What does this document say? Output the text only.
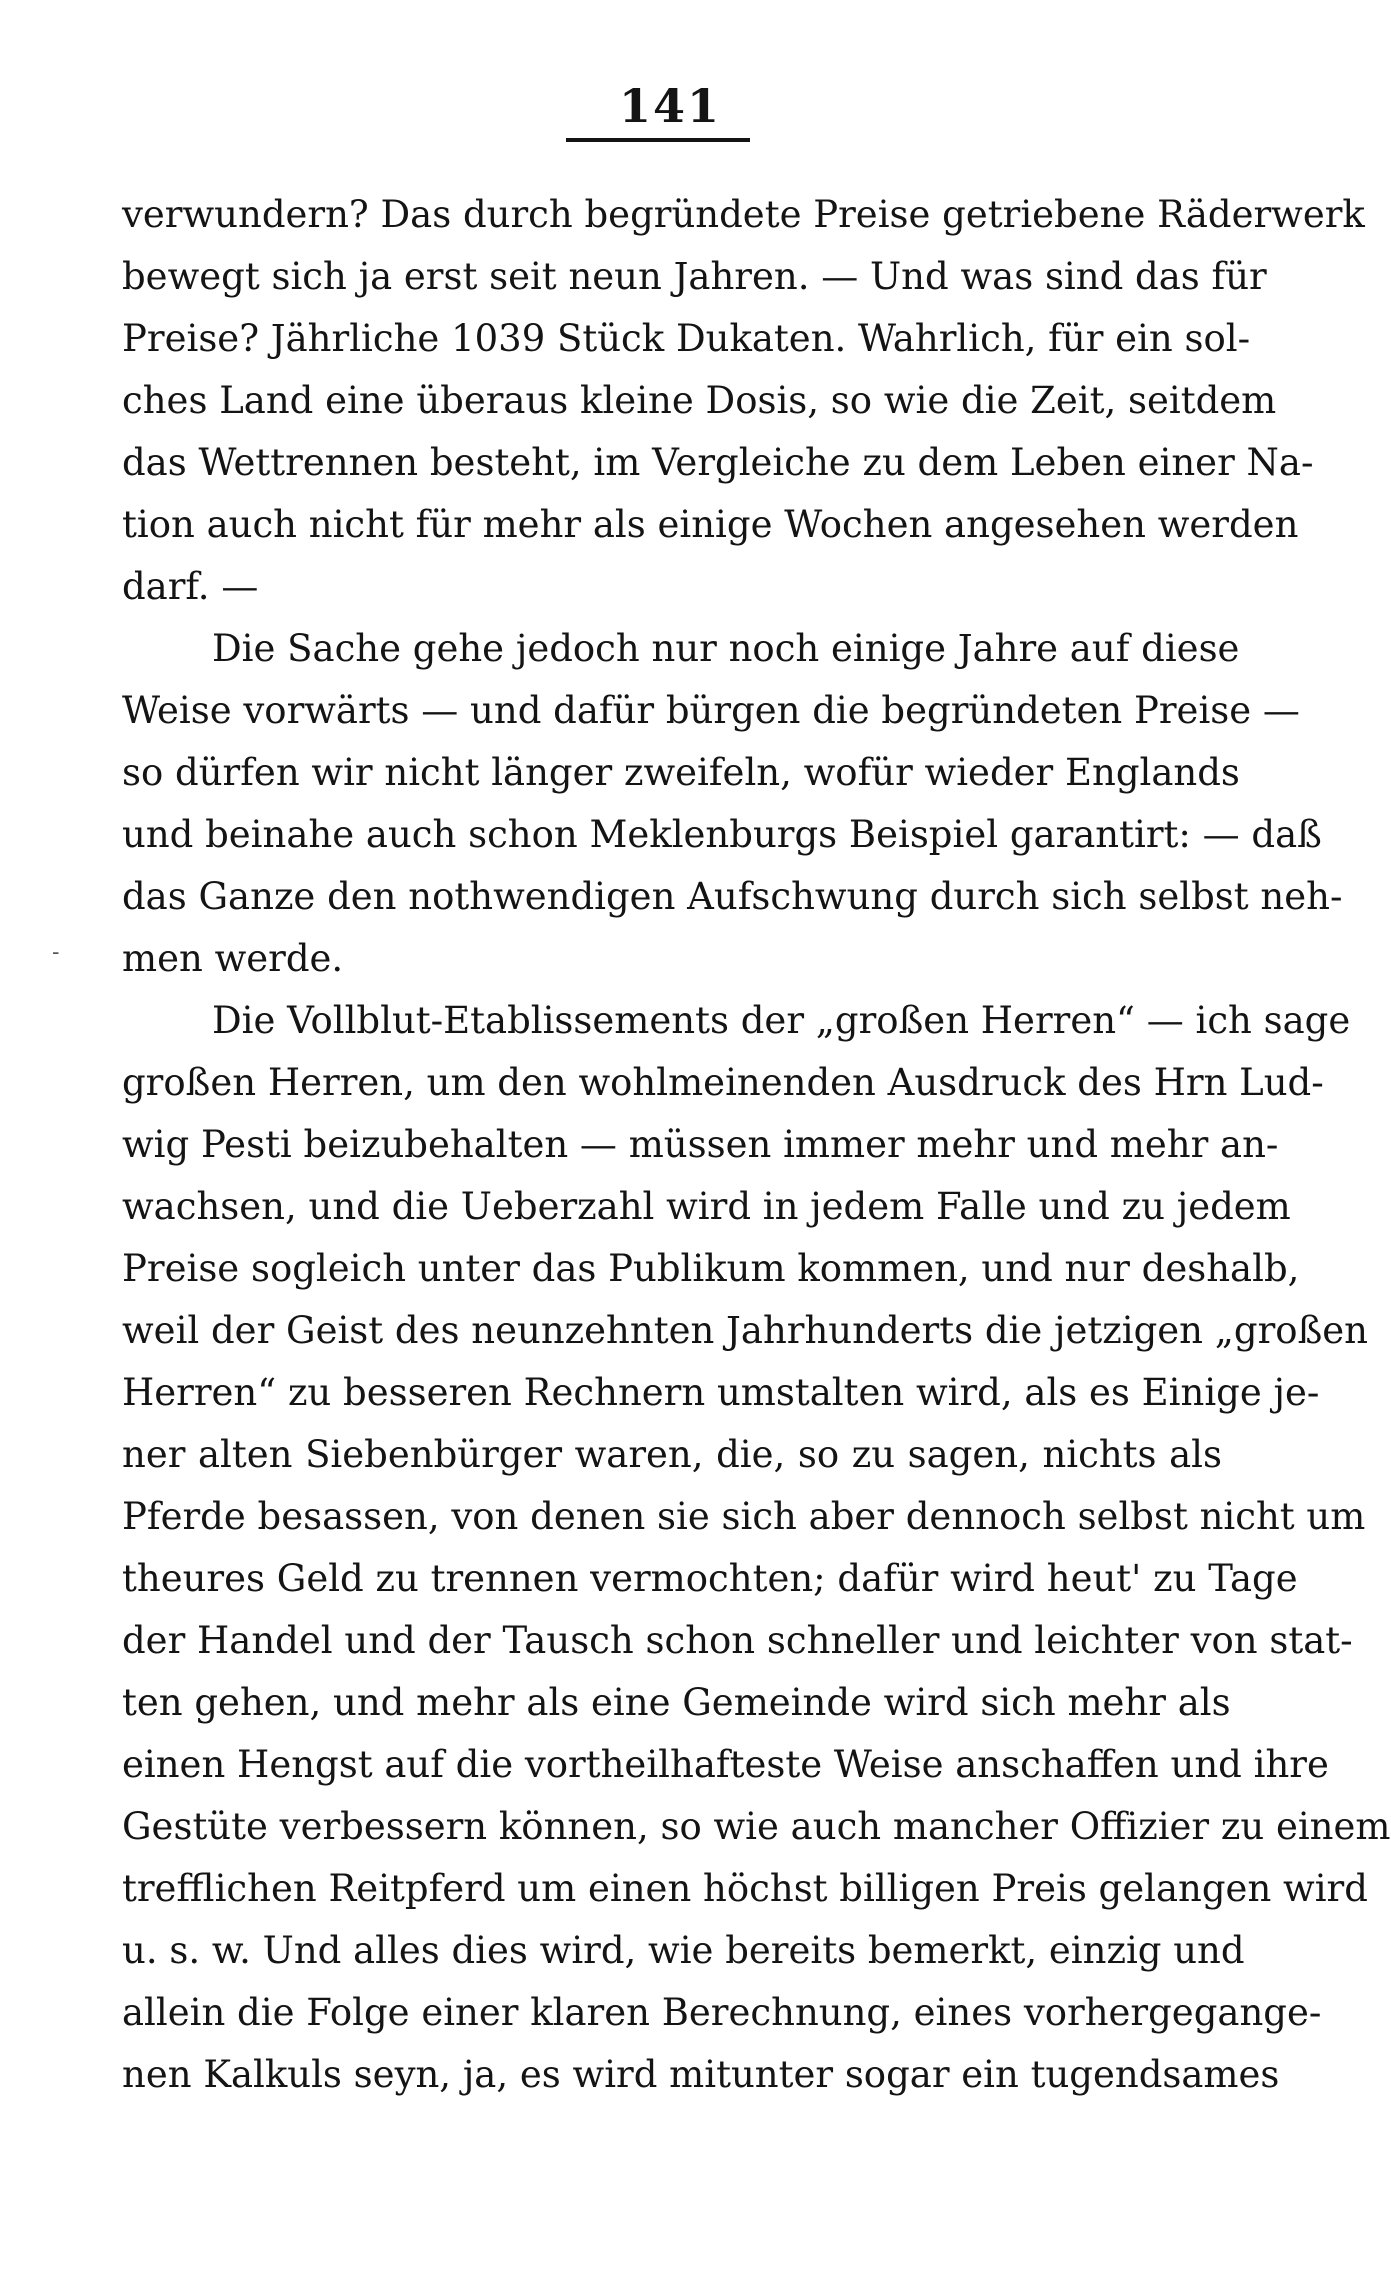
141
-
verwundern? Das durch begründete Preise getriebene Räderwerk
bewegt sich ja erst seit neun Jahren. — Und was sind das für
Preise? Jährliche 1039 Stück Dukaten. Wahrlich, für ein sol-
ches Land eine überaus kleine Dosis, so wie die Zeit, seitdem
das Wettrennen besteht, im Vergleiche zu dem Leben einer Na-
tion auch nicht für mehr als einige Wochen angesehen werden
darf. —
Die Sache gehe jedoch nur noch einige Jahre auf diese
Weise vorwärts — und dafür bürgen die begründeten Preise —
so dürfen wir nicht länger zweifeln, wofür wieder Englands
und beinahe auch schon Meklenburgs Beispiel garantirt: — daß
das Ganze den nothwendigen Aufschwung durch sich selbst neh-
men werde.
Die Vollblut-Etablissements der „großen Herren“ — ich sage
großen Herren, um den wohlmeinenden Ausdruck des Hrn Lud-
wig Pesti beizubehalten — müssen immer mehr und mehr an-
wachsen, und die Ueberzahl wird in jedem Falle und zu jedem
Preise sogleich unter das Publikum kommen, und nur deshalb,
weil der Geist des neunzehnten Jahrhunderts die jetzigen „großen
Herren“ zu besseren Rechnern umstalten wird, als es Einige je-
ner alten Siebenbürger waren, die, so zu sagen, nichts als
Pferde besassen, von denen sie sich aber dennoch selbst nicht um
theures Geld zu trennen vermochten; dafür wird heut' zu Tage
der Handel und der Tausch schon schneller und leichter von stat-
ten gehen, und mehr als eine Gemeinde wird sich mehr als
einen Hengst auf die vortheilhafteste Weise anschaffen und ihre
Gestüte verbessern können, so wie auch mancher Offizier zu einem
trefflichen Reitpferd um einen höchst billigen Preis gelangen wird
u. s. w. Und alles dies wird, wie bereits bemerkt, einzig und
allein die Folge einer klaren Berechnung, eines vorhergegange-
nen Kalkuls seyn, ja, es wird mitunter sogar ein tugendsames
